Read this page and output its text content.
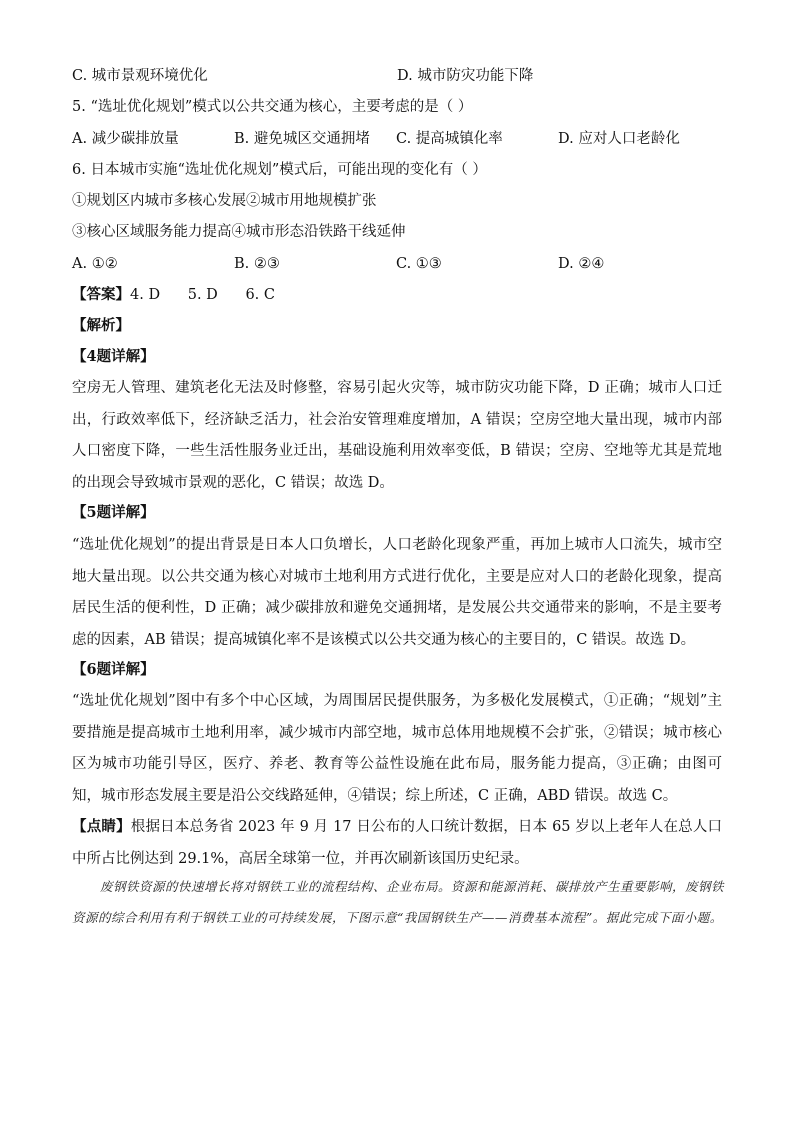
C. 城市景观环境优化	D. 城市防灾功能下降
5. “选址优化规划”模式以公共交通为核心，主要考虑的是（ ）
A. 减少碳排放量	B. 避免城区交通拥堵	C. 提高城镇化率	D. 应对人口老龄化
6. 日本城市实施“选址优化规划”模式后，可能出现的变化有（ ）
①规划区内城市多核心发展②城市用地规模扩张
③核心区域服务能力提高④城市形态沿铁路干线延伸
A. ①②	B. ②③	C. ①③	D. ②④
【答案】4. D      5. D      6. C
【解析】
【4题详解】
空房无人管理、建筑老化无法及时修整，容易引起火灾等，城市防灾功能下降，D 正确；城市人口迁出，行政效率低下，经济缺乏活力，社会治安管理难度增加，A 错误；空房空地大量出现，城市内部人口密度下降，一些生活性服务业迁出，基础设施利用效率变低，B 错误；空房、空地等尤其是荒地的出现会导致城市景观的恶化，C 错误；故选 D。
【5题详解】
“选址优化规划”的提出背景是日本人口负增长，人口老龄化现象严重，再加上城市人口流失，城市空地大量出现。以公共交通为核心对城市土地利用方式进行优化，主要是应对人口的老龄化现象，提高居民生活的便利性，D 正确；减少碳排放和避免交通拥堵，是发展公共交通带来的影响，不是主要考虑的因素，AB 错误；提高城镇化率不是该模式以公共交通为核心的主要目的，C 错误。故选 D。
【6题详解】
“选址优化规划”图中有多个中心区域，为周围居民提供服务，为多极化发展模式，①正确；“规划”主要措施是提高城市土地利用率，减少城市内部空地，城市总体用地规模不会扩张，②错误；城市核心区为城市功能引导区，医疗、养老、教育等公益性设施在此布局，服务能力提高，③正确；由图可知，城市形态发展主要是沿公交线路延伸，④错误；综上所述，C 正确，ABD 错误。故选 C。
【点睛】根据日本总务省 2023 年 9 月 17 日公布的人口统计数据，日本 65 岁以上老年人在总人口中所占比例达到 29.1%，高居全球第一位，并再次刷新该国历史纪录。
废钢铁资源的快速增长将对钢铁工业的流程结构、企业布局。资源和能源消耗、碳排放产生重要影响，废钢铁资源的综合利用有利于钢铁工业的可持续发展，下图示意“我国钢铁生产——消费基本流程”。据此完成下面小题。
